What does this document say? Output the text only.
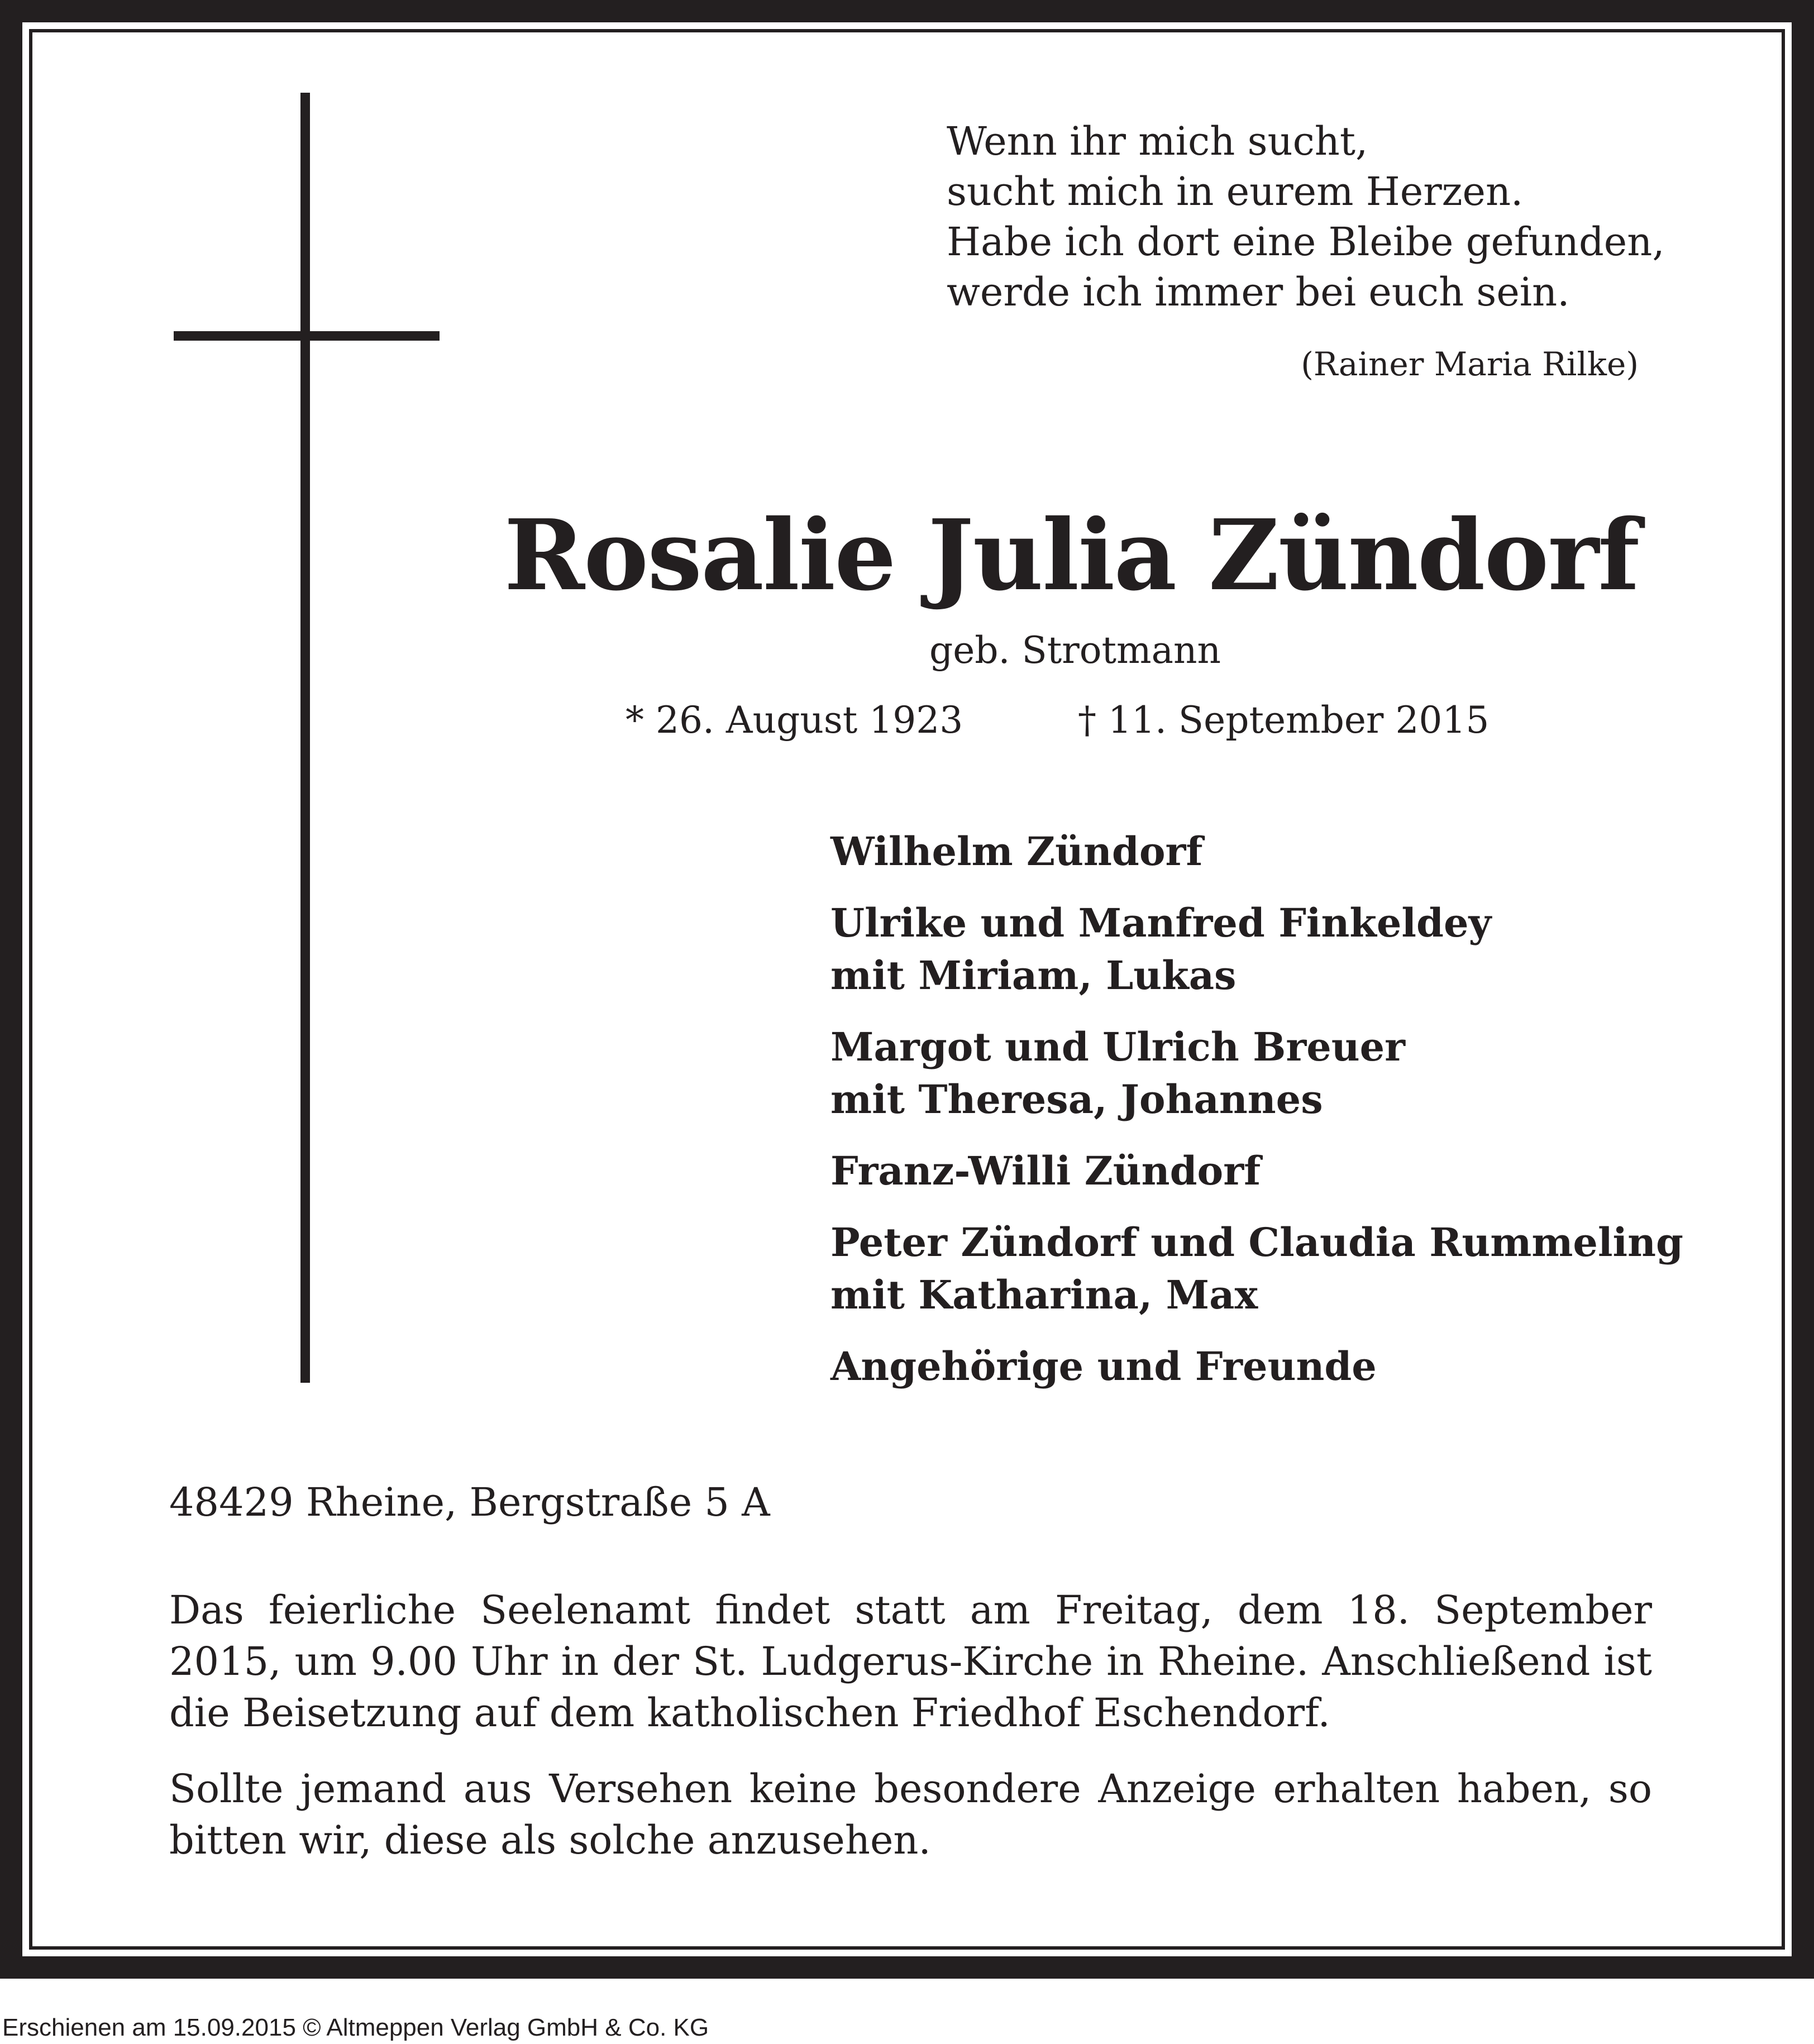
Wenn ihr mich sucht,
sucht mich in eurem Herzen.
Habe ich dort eine Bleibe gefunden,
werde ich immer bei euch sein.
(Rainer Maria Rilke)
Rosalie Julia Zündorf
geb. Strotmann
* 26. August 1923	† 11. September 2015
Wilhelm Zündorf
Ulrike und Manfred Finkeldey
mit Miriam, Lukas
Margot und Ulrich Breuer
mit Theresa, Johannes
Franz-Willi Zündorf
Peter Zündorf und Claudia Rummeling
mit Katharina, Max
Angehörige und Freunde
48429 Rheine, Bergstraße 5 A
Das feierliche Seelenamt findet statt am Freitag, dem 18. September 2015, um 9.00 Uhr in der St. Ludgerus-Kirche in Rheine. Anschließend ist die Beisetzung auf dem katholischen Friedhof Eschendorf.
Sollte jemand aus Versehen keine besondere Anzeige erhalten haben, so bitten wir, diese als solche anzusehen.
Erschienen am 15.09.2015 © Altmeppen Verlag GmbH & Co. KG
